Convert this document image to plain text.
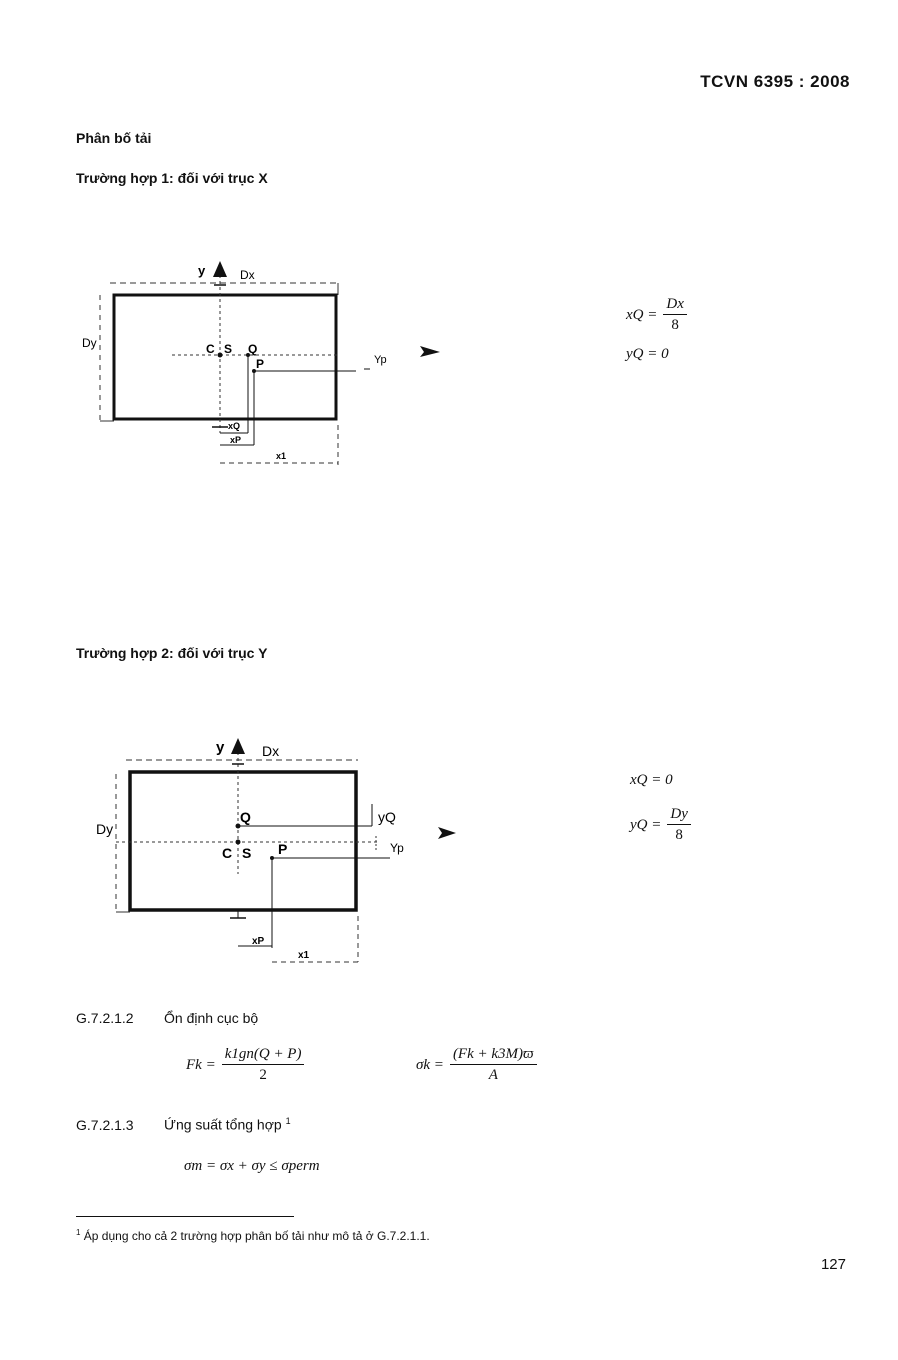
TCVN 6395 : 2008
Phân bố tải
Trường hợp 1: đối với trục X
y	Dx
Dy	C S Q
P	Yp
xQ
xP
x1
xQ = $\frac{Dx}{8}$
yQ = 0
Trường hợp 2: đối với trục Y
y	Dx
Dy
Q
C S P
yQ
Yp
xP
x1
xQ = 0
yQ = $\frac{Dy}{8}$
G.7.2.1.2 Ổn định cục bộ
$Fk = \frac{k1gn(Q + P)}{2}$	$\sigma k = \frac{(Fk + k3M)ϖ}{A}$
G.7.2.1.3 Ứng suất tổng hợp $^1$
σm = σx + σy ≤ σperm
$^1$ Áp dụng cho cả 2 trường hợp phân bố tải như mô tả ở G.7.2.1.1.
127
